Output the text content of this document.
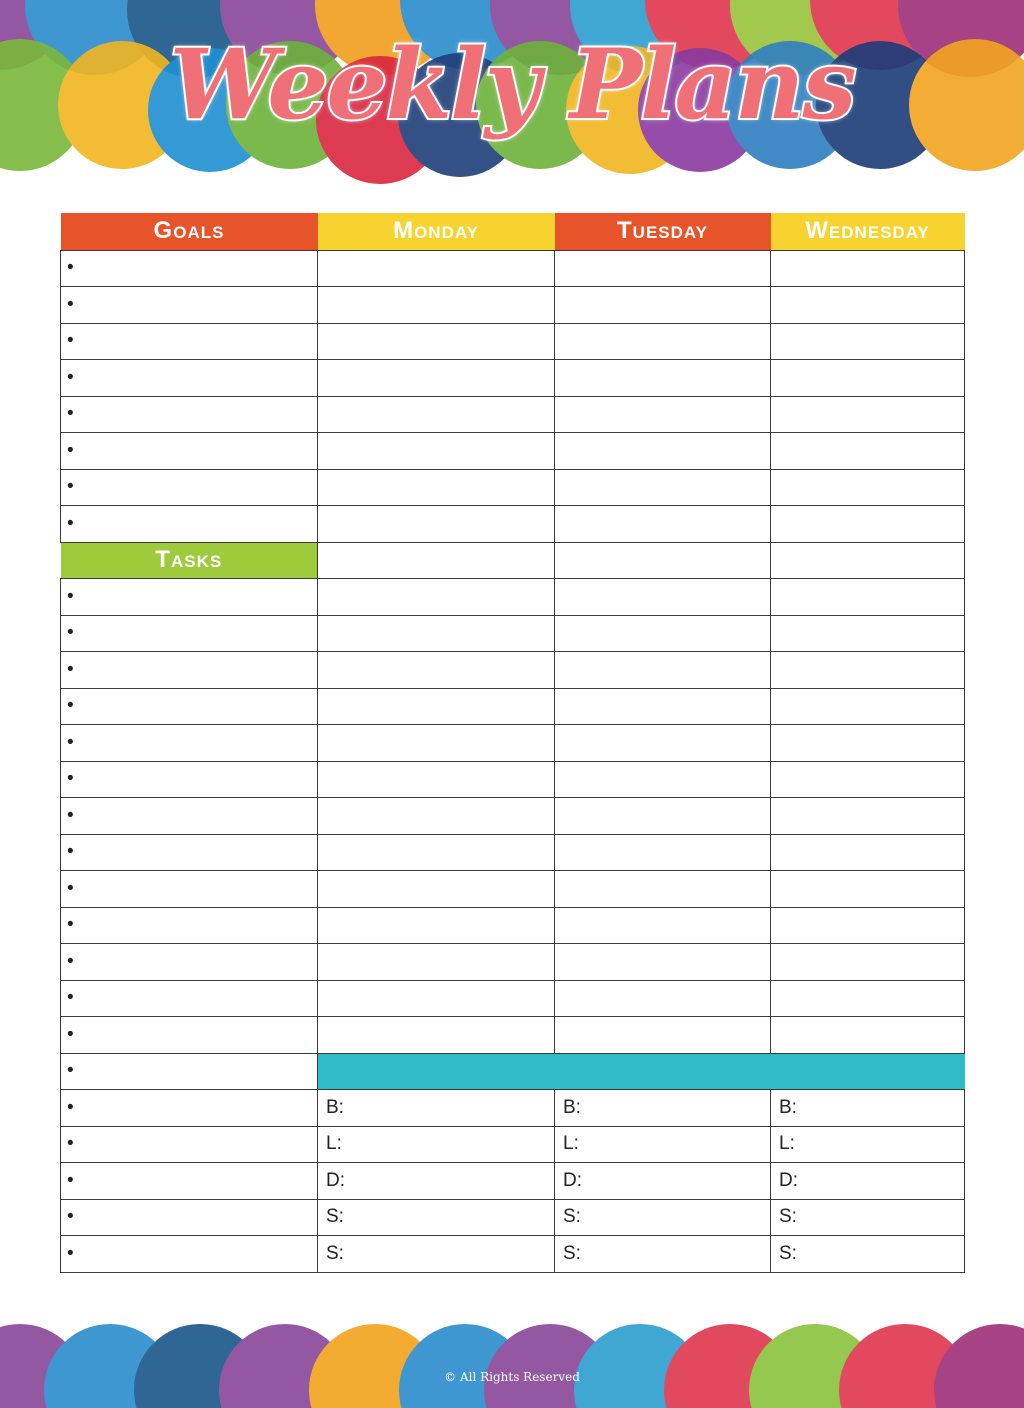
Weekly Plans
Goals	Monday	Tuesday	Wednesday
•			
•			
•			
•			
•			
•			
•			
•			
Tasks			
•			
•			
•			
•			
•			
•			
•			
•			
•			
•			
•			
•			
•			
•			
•	B:	B:	B:
•	L:	L:	L:
•	D:	D:	D:
•	S:	S:	S:
•	S:	S:	S:
© All Rights Reserved
